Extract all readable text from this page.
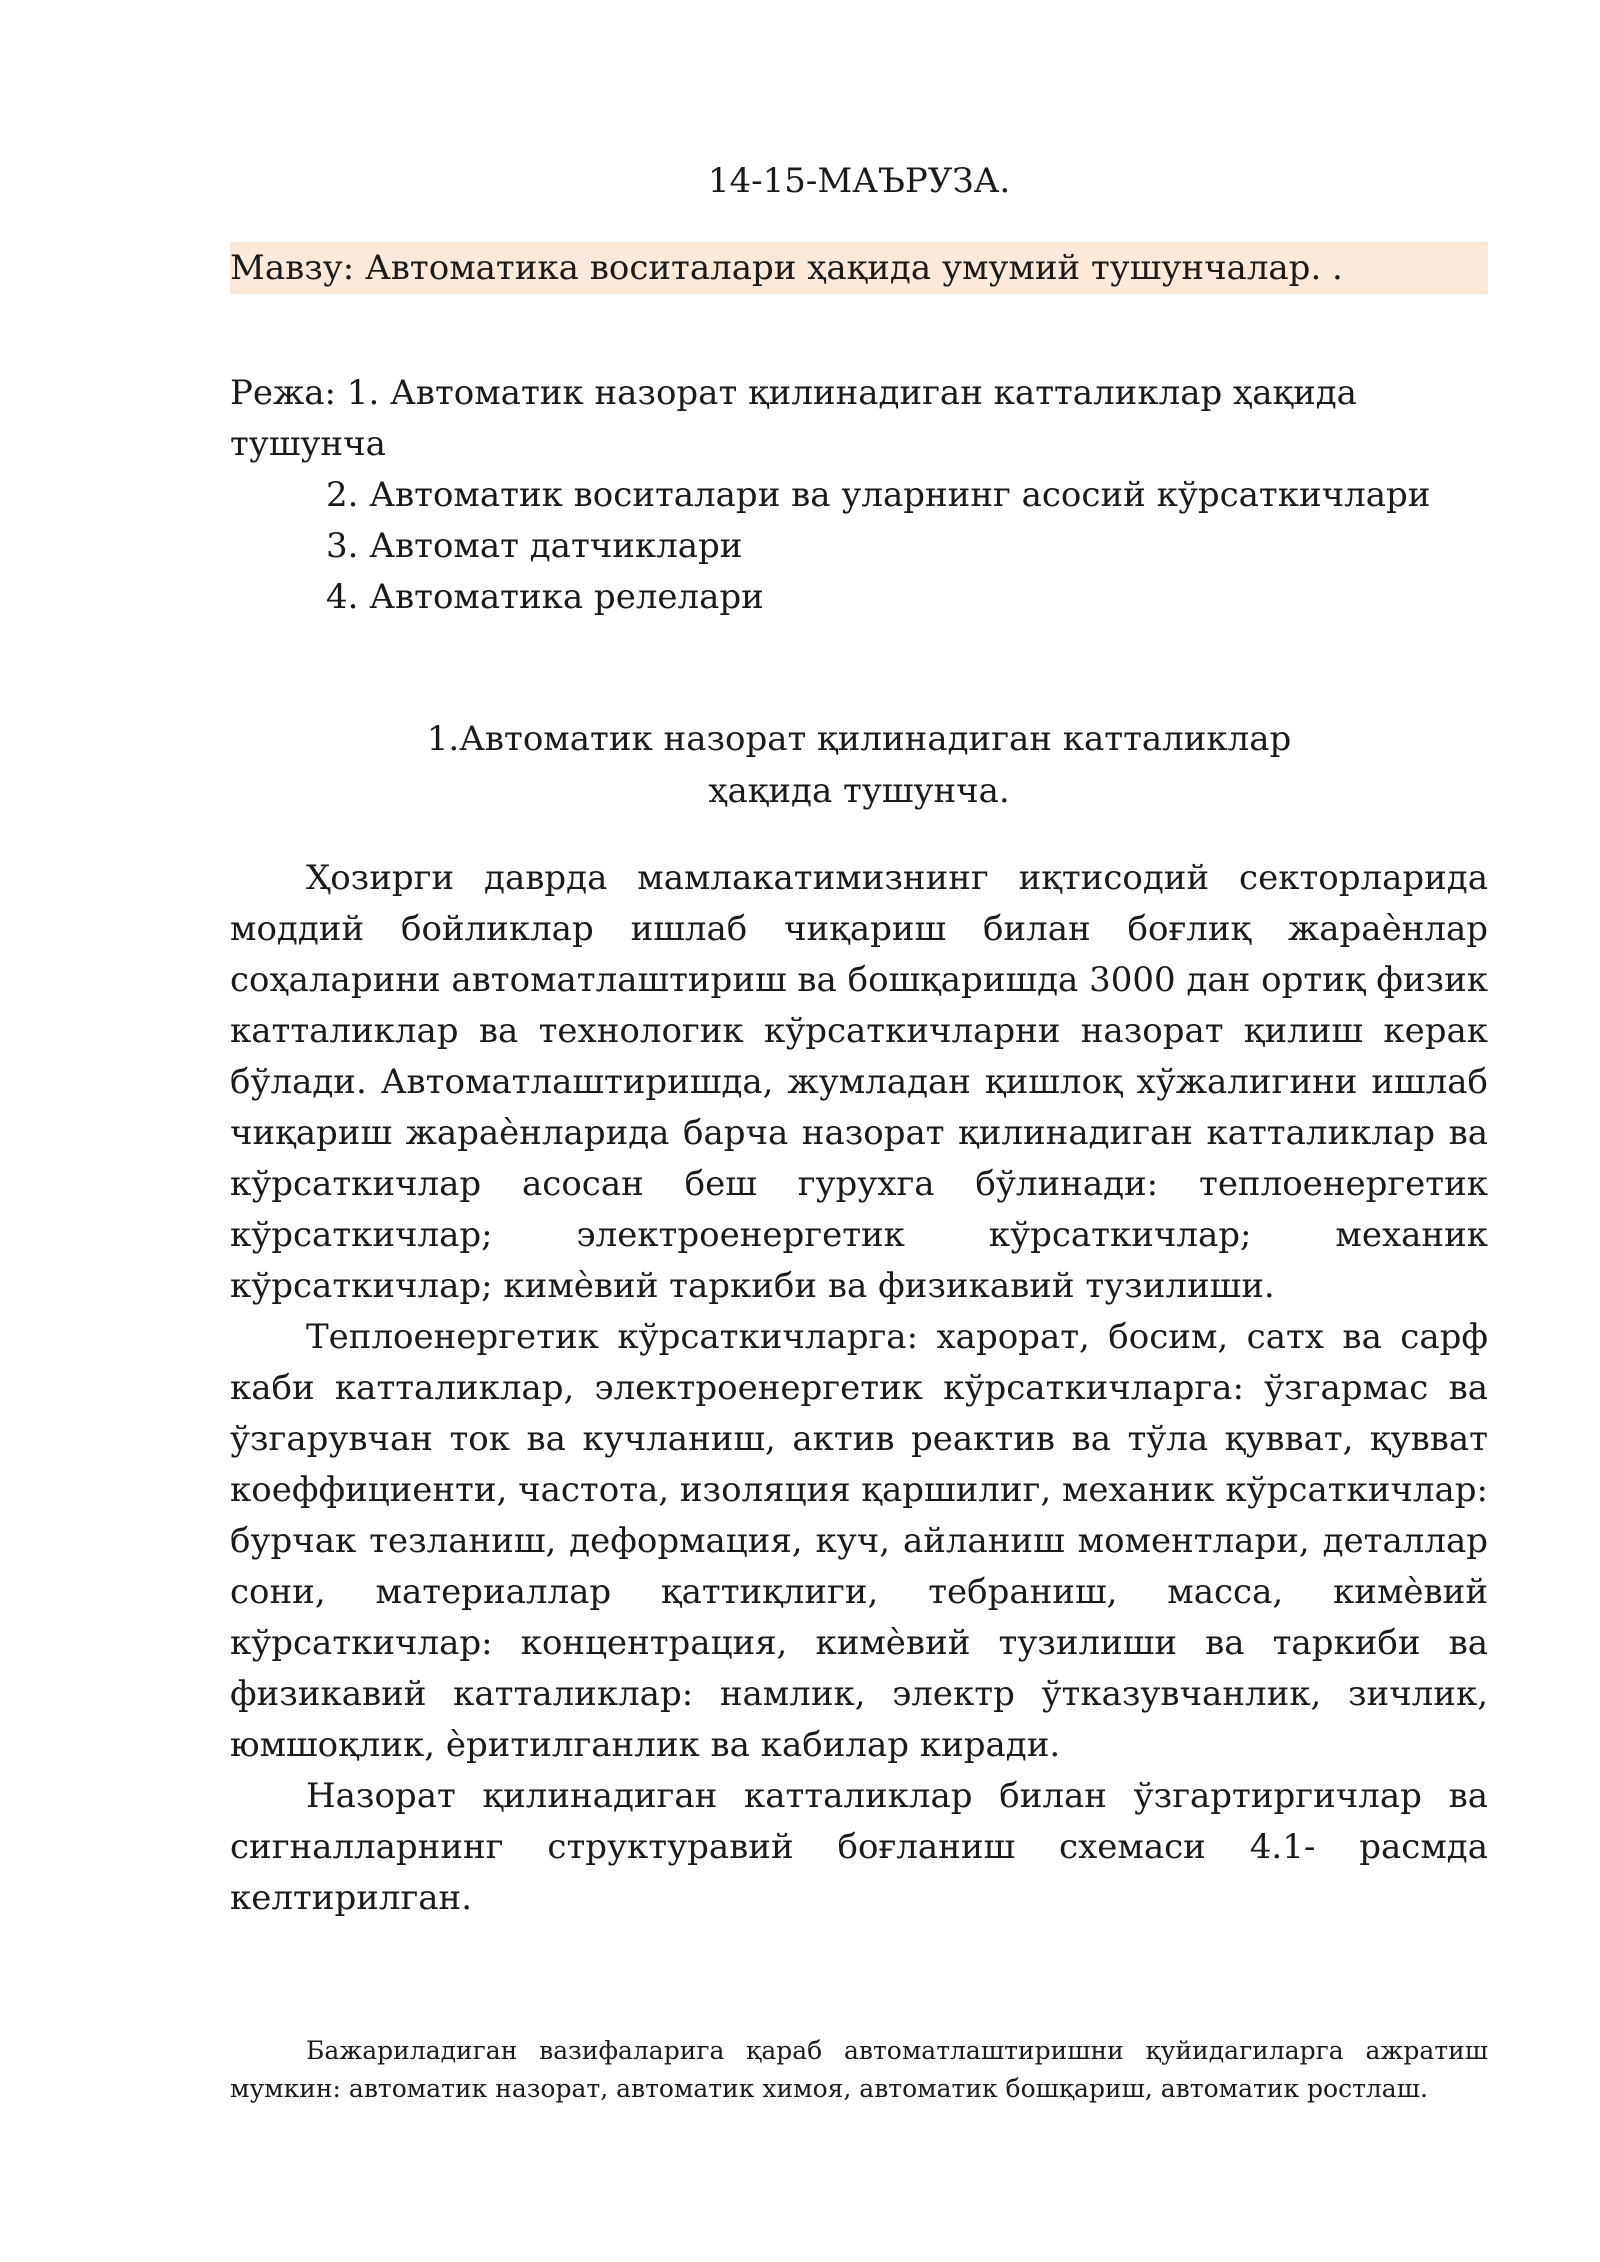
14-15-МАЪРУЗА.
Мавзу: Автоматика воситалари ҳақида умумий тушунчалар. .

Режа: 1. Автоматик назорат қилинадиган катталиклар ҳақида тушунча

2. Автоматик воситалари ва уларнинг асосий кўрсаткичлари

3. Автомат датчиклари

4. Автоматика релелари

1.Автоматик назорат қилинадиган катталиклар ҳақида тушунча.

Ҳозирги даврда мамлакатимизнинг иқтисодий секторларида моддий бойликлар ишлаб чиқариш билан боғлиқ жараѐнлар соҳаларини автоматлаштириш ва бошқаришда 3000 дан ортиқ физик катталиклар ва технологик кўрсаткичларни назорат қилиш керак бўлади. Автоматлаштиришда, жумладан қишлоқ хўжалигини ишлаб чиқариш жараѐнларида барча назорат қилинадиган катталиклар ва кўрсаткичлар асосан беш гурухга бўлинади: теплоенергетик кўрсаткичлар; электроенергетик кўрсаткичлар; механик кўрсаткичлар; кимѐвий таркиби ва физикавий тузилиши.

Теплоенергетик кўрсаткичларга: харорат, босим, сатх ва сарф каби катталиклар, электроенергетик кўрсаткичларга: ўзгармас ва ўзгарувчан ток ва кучланиш, актив реактив ва тўла қувват, қувват коеффициенти, частота, изоляция қаршилиг, механик кўрсаткичлар: бурчак тезланиш, деформация, куч, айланиш моментлари, деталлар сони, материаллар қаттиқлиги, тебраниш, масса, кимѐвий кўрсаткичлар: концентрация, кимѐвий тузилиши ва таркиби ва физикавий катталиклар: намлик, электр ўтказувчанлик, зичлик, юмшоқлик, ѐритилганлик ва кабилар киради.

Назорат қилинадиган катталиклар билан ўзгартиргичлар ва сигналларнинг структуравий боғланиш схемаси 4.1- расмда келтирилган.

Бажариладиган вазифаларига қараб автоматлаштиришни қуйидагиларга ажратиш мумкин: автоматик назорат, автоматик химоя, автоматик бошқариш, автоматик ростлаш.
